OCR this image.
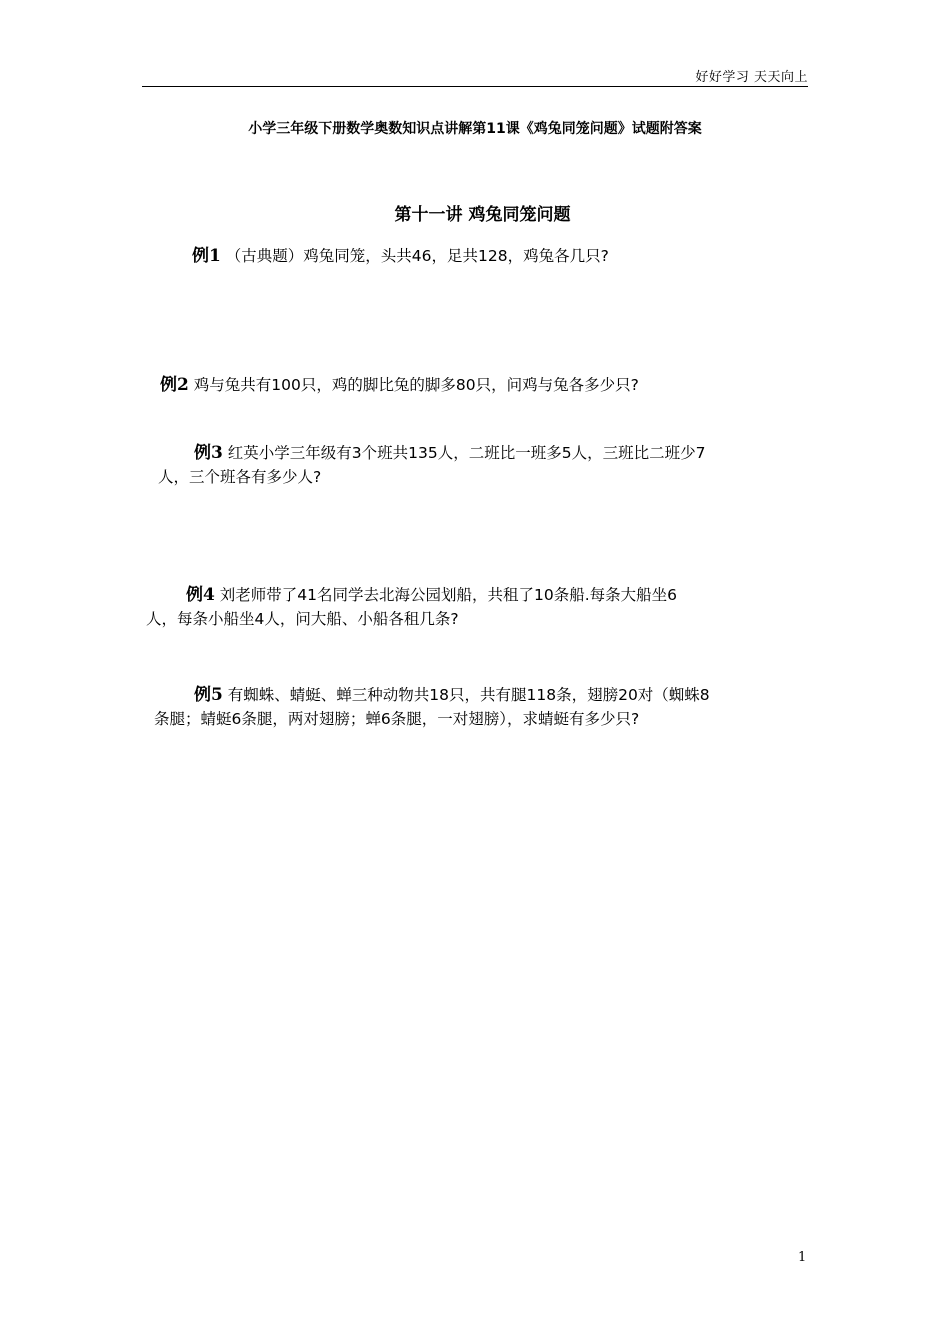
好好学习 天天向上
小学三年级下册数学奥数知识点讲解第11课《鸡兔同笼问题》试题附答案
第十一讲 鸡兔同笼问题
例1 （古典题）鸡兔同笼，头共46，足共128，鸡兔各几只?
例2 鸡与兔共有100只，鸡的脚比兔的脚多80只，问鸡与兔各多少只?
例3 红英小学三年级有3个班共135人，二班比一班多5人，三班比二班少7
人，三个班各有多少人?
例4 刘老师带了41名同学去北海公园划船，共租了10条船.每条大船坐6
人，每条小船坐4人，问大船、小船各租几条?
例5 有蜘蛛、蜻蜓、蝉三种动物共18只，共有腿118条，翅膀20对（蜘蛛8
条腿；蜻蜓6条腿，两对翅膀；蝉6条腿，一对翅膀），求蜻蜓有多少只?
1
